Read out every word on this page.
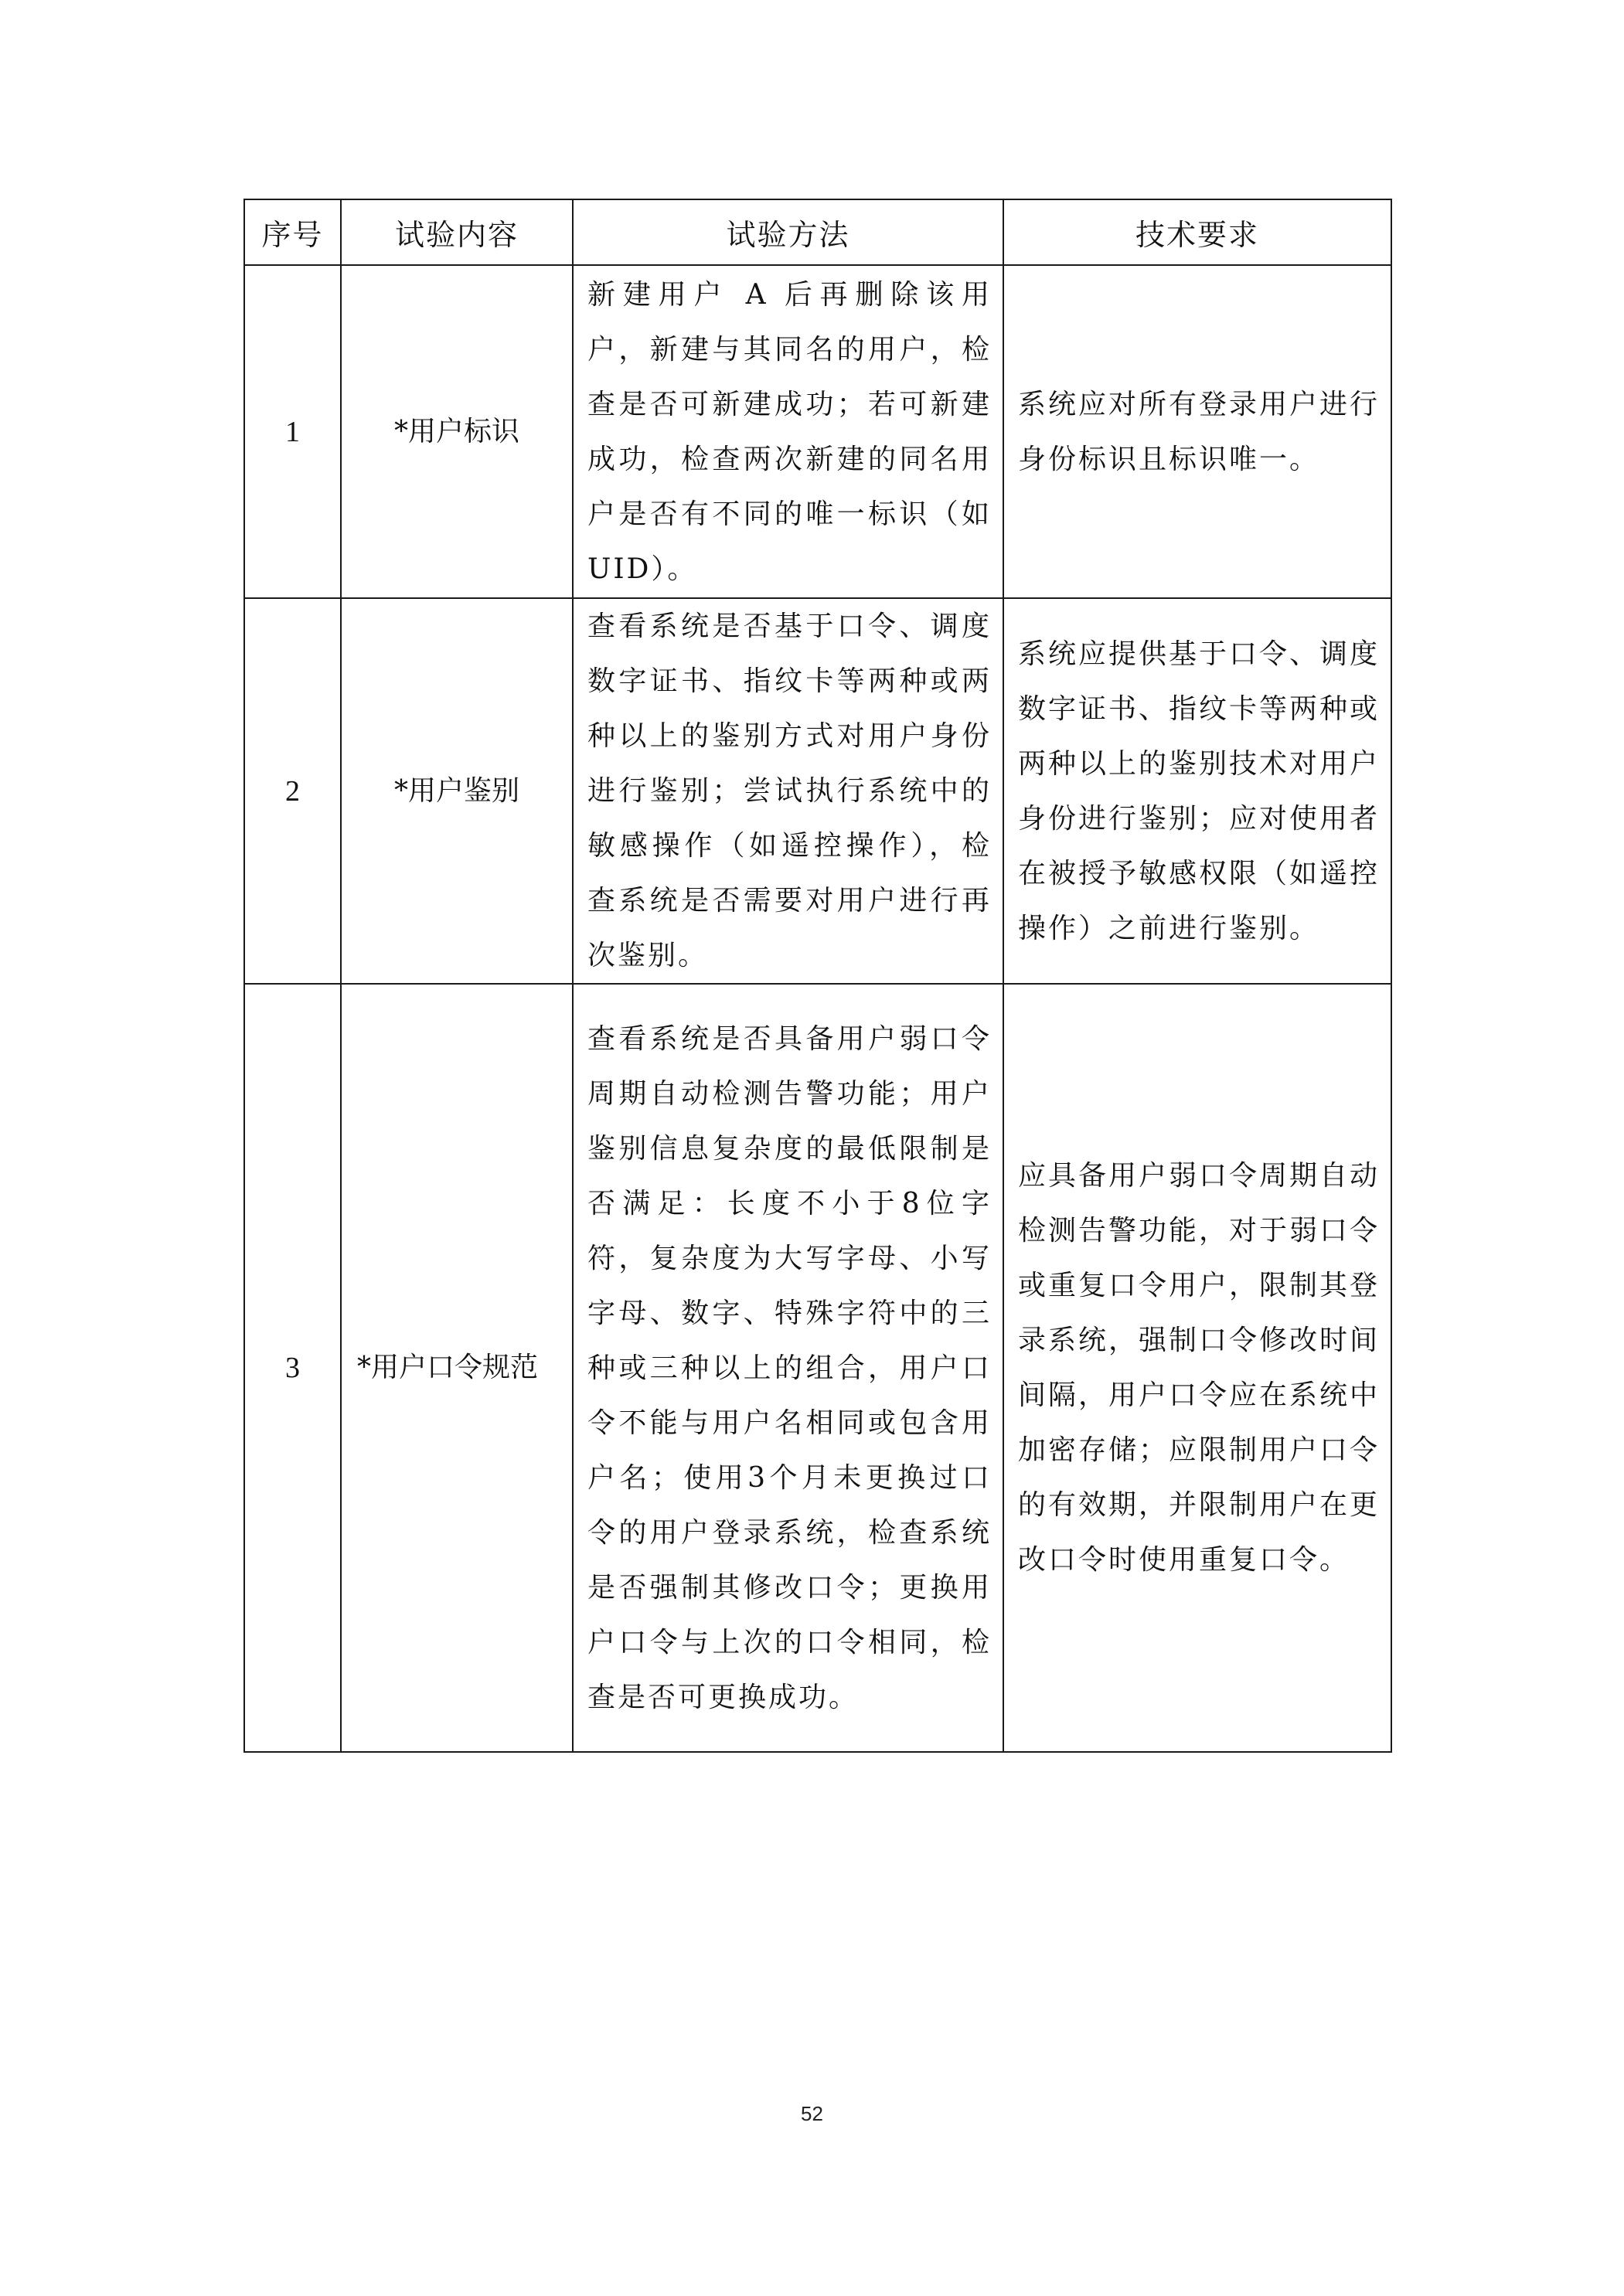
序号	试验内容	试验方法	技术要求
1	*用户标识	新建用户 A 后再删除该用户，新建与其同名的用户，检查是否可新建成功；若可新建成功，检查两次新建的同名用户是否有不同的唯一标识（如 UID）。	系统应对所有登录用户进行身份标识且标识唯一。
2	*用户鉴别	查看系统是否基于口令、调度数字证书、指纹卡等两种或两种以上的鉴别方式对用户身份进行鉴别；尝试执行系统中的敏感操作（如遥控操作），检查系统是否需要对用户进行再次鉴别。	系统应提供基于口令、调度数字证书、指纹卡等两种或两种以上的鉴别技术对用户身份进行鉴别；应对使用者在被授予敏感权限（如遥控操作）之前进行鉴别。
3	*用户口令规范	查看系统是否具备用户弱口令周期自动检测告警功能；用户鉴别信息复杂度的最低限制是否满足：长度不小于8位字符，复杂度为大写字母、小写字母、数字、特殊字符中的三种或三种以上的组合，用户口令不能与用户名相同或包含用户名；使用3个月未更换过口令的用户登录系统，检查系统是否强制其修改口令；更换用户口令与上次的口令相同，检查是否可更换成功。	应具备用户弱口令周期自动检测告警功能，对于弱口令或重复口令用户，限制其登录系统，强制口令修改时间间隔，用户口令应在系统中加密存储；应限制用户口令的有效期，并限制用户在更改口令时使用重复口令。
52
